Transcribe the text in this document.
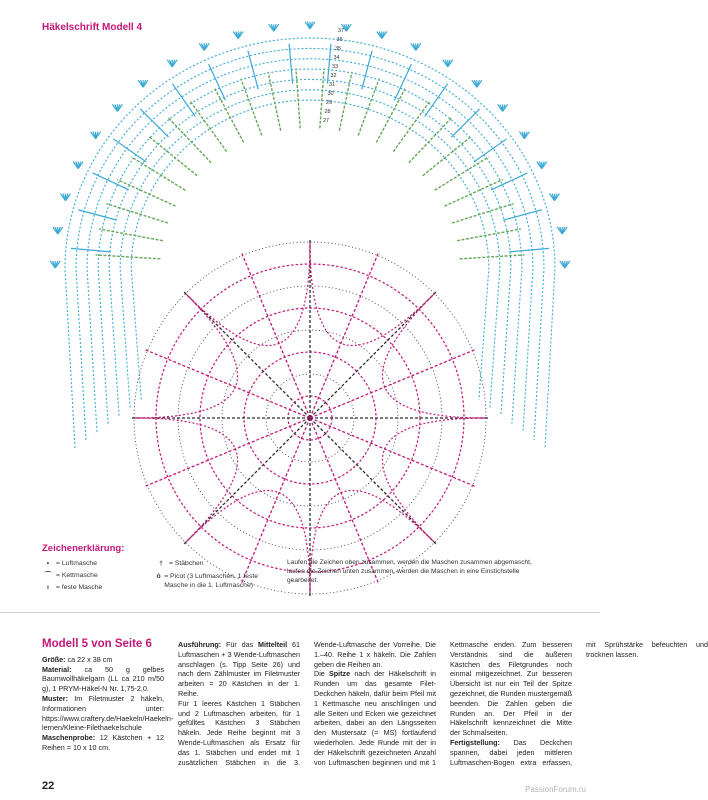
Häkelschrift Modell 4	37
36
35
34
33
32
31
30
29
28
27
Zeichenerklärung:
•	= Luftmasche
⌒ = Kettmasche
ı	= feste Masche
† = Stäbchen
ȏ = Picot (3 Luftmaschen, 1 feste Masche in die 1. Luftmasche)
Laufen die Zeichen oben zusammen, werden die Maschen zusammen abgemascht, laufen die Zeichen unten zusammen, werden die Maschen in eine Einstichstelle gearbeitet.
Modell 5 von Seite 6

Größe: ca 22 x 38 cm

Material: ca 50 g gelbes Baumwollhäkelgarn (LL ca 210 m/50 g), 1 PRYM-Häkel-N Nr. 1,75-2,0.

Muster: Im Filetmuster 2 häkeln, Informationen unter: https://www.craftery.de/Haekeln/Haekeln-lernen/Kleine-Filethaekelschule

Maschenprobe: 12 Kästchen + 12 Reihen = 10 x 10 cm.

Ausführung: Für das Mittelteil 61 Luftmaschen + 3 Wende-Luftmaschen anschlagen (s. Tipp Seite 26) und nach dem Zählmuster im Filetmuster arbeiten = 20 Kästchen in der 1. Reihe.

Für 1 leeres Kästchen 1 Stäbchen und 2 Luftmaschen arbeiten, für 1 gefülltes Kästchen 3 Stäbchen häkeln. Jede Reihe beginnt mit 3 Wende-Luftmaschen als Ersatz für das 1. Stäbchen und endet mit 1 zusätzlichen Stäbchen in die 3. Wende-Luftmasche der Vorreihe. Die 1.–40. Reihe 1 x häkeln. Die Zahlen geben die Reihen an.

Die Spitze nach der Häkelschrift in Runden um das gesamte Filet-Deckchen häkeln, dafür beim Pfeil mit 1 Kettmasche neu anschlingen und alle Seiten und Ecken wie gezeichnet arbeiten, dabei an den Längsseiten den Mustersatz (= MS) fortlaufend wiederholen. Jede Runde mit der in der Häkelschrift gezeichneten Anzahl von Luftmaschen beginnen und mit 1 Kettmasche enden. Zum besseren Verständnis sind die äußeren Kästchen des Filetgrundes noch einmal mitgezeichnet. Zur besseren Übersicht ist nur ein Teil der Spitze gezeichnet, die Runden mustergemäß beenden. Die Zahlen geben die Runden an. Der Pfeil in der Häkelschrift kennzeichnet die Mitte der Schmalseiten.

Fertigstellung: Das Deckchen spannen, dabei jeden mittleren Luftmaschen-Bogen extra erfassen, mit Sprühstärke befeuchten und trocknen lassen.

22	PassionForum.ru
